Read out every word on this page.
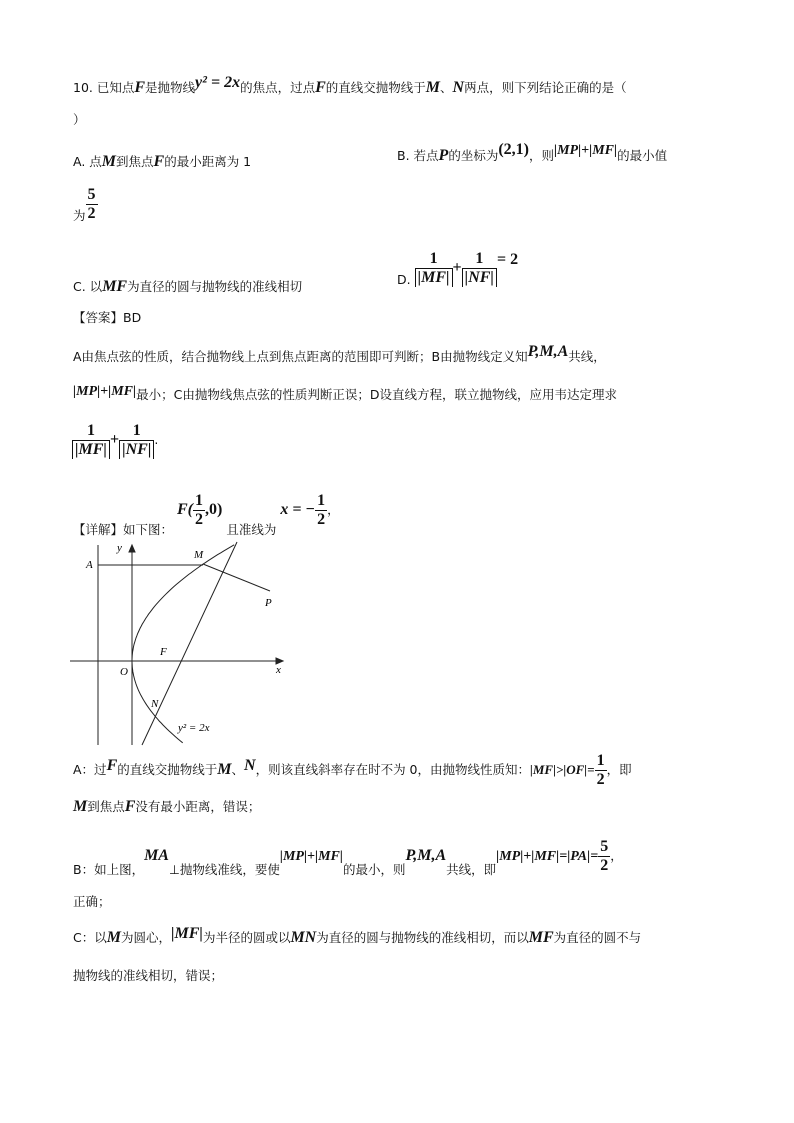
10. 已知点F是抛物线y² = 2x的焦点，过点F的直线交抛物线于M、N两点，则下列结论正确的是（
）
A. 点M到焦点F的最小距离为 1	B. 若点P的坐标为(2,1)，则|MP|+|MF|的最小值
为 $\frac{5}{2}$
C. 以MF为直径的圆与抛物线的准线相切	D. $\frac{1}{|MF|} + \frac{1}{|NF|} = 2$
【答案】BD
A由焦点弦的性质，结合抛物线上点到焦点距离的范围即可判断；B由抛物线定义知P,M,A共线，
|MP|+|MF|最小；C由抛物线焦点弦的性质判断正误；D设直线方程，联立抛物线，应用韦达定理求
$\frac{1}{|MF|} + \frac{1}{|NF|}$ .
【详解】如下图： $F( \frac{1}{2} ,0)$ 且准线为 x = − $\frac{1}{2}$ ，
y
x
O
A
M
P
F
N
y² = 2x
A：过F的直线交抛物线于M、N，则该直线斜率存在时不为 0，由抛物线性质知：$|MF|>|OF|= \frac{1}{2}$ ，即
M到焦点F没有最小距离，错误；
B：如上图，MA⊥抛物线准线，要使|MP|+|MF|的最小，则P,M,A共线，即$|MP|+|MF|=|PA|= \frac{5}{2}$ ，
正确；
C：以M为圆心，|MF|为半径的圆或以MN为直径的圆与抛物线的准线相切，而以MF为直径的圆不与
抛物线的准线相切，错误；
